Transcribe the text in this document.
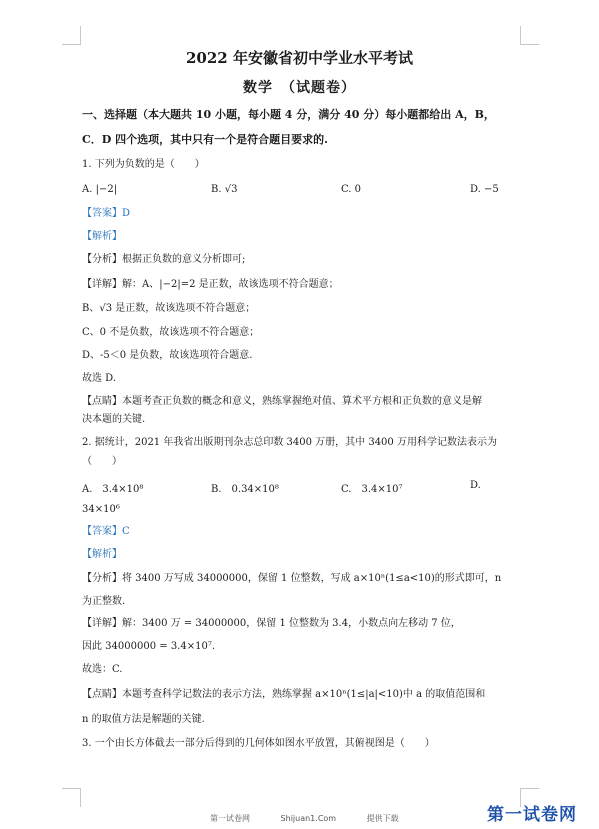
2022 年安徽省初中学业水平考试
数学　（试题卷）
一、选择题（本大题共 10 小题，每小题 4 分，满分 40 分）每小题都给出 A，B，
C．D 四个选项，其中只有一个是符合题目要求的.
1. 下列为负数的是（　　）
A. |−2|	B. √3	C. 0	D. −5
【答案】D
【解析】
【分析】根据正负数的意义分析即可;
【详解】解：A、|−2|=2 是正数，故该选项不符合题意；
B、√3 是正数，故该选项不符合题意；
C、0 不是负数，故该选项不符合题意；
D、-5＜0 是负数，故该选项符合题意.
故选 D.
【点睛】本题考查正负数的概念和意义，熟练掌握绝对值、算术平方根和正负数的意义是解
决本题的关键.
2. 据统计，2021 年我省出版期刊杂志总印数 3400 万册，其中 3400 万用科学记数法表示为
（　　）
A.　3.4×10⁸	B.　0.34×10⁸	C.　3.4×10⁷	D.
34×10⁶
【答案】C
【解析】
【分析】将 3400 万写成 34000000，保留 1 位整数，写成 a×10ⁿ(1≤a<10)的形式即可，n
为正整数.
【详解】解：3400 万 = 34000000，保留 1 位整数为 3.4，小数点向左移动 7 位，
因此 34000000 = 3.4×10⁷.
故选：C.
【点睛】本题考查科学记数法的表示方法，熟练掌握 a×10ⁿ(1≤|a|<10)中 a 的取值范围和
n 的取值方法是解题的关键.
3. 一个由长方体截去一部分后得到的几何体如图水平放置，其俯视图是（　　）
第一试卷网	Shijuan1.Com	提供下载	第一试卷网
